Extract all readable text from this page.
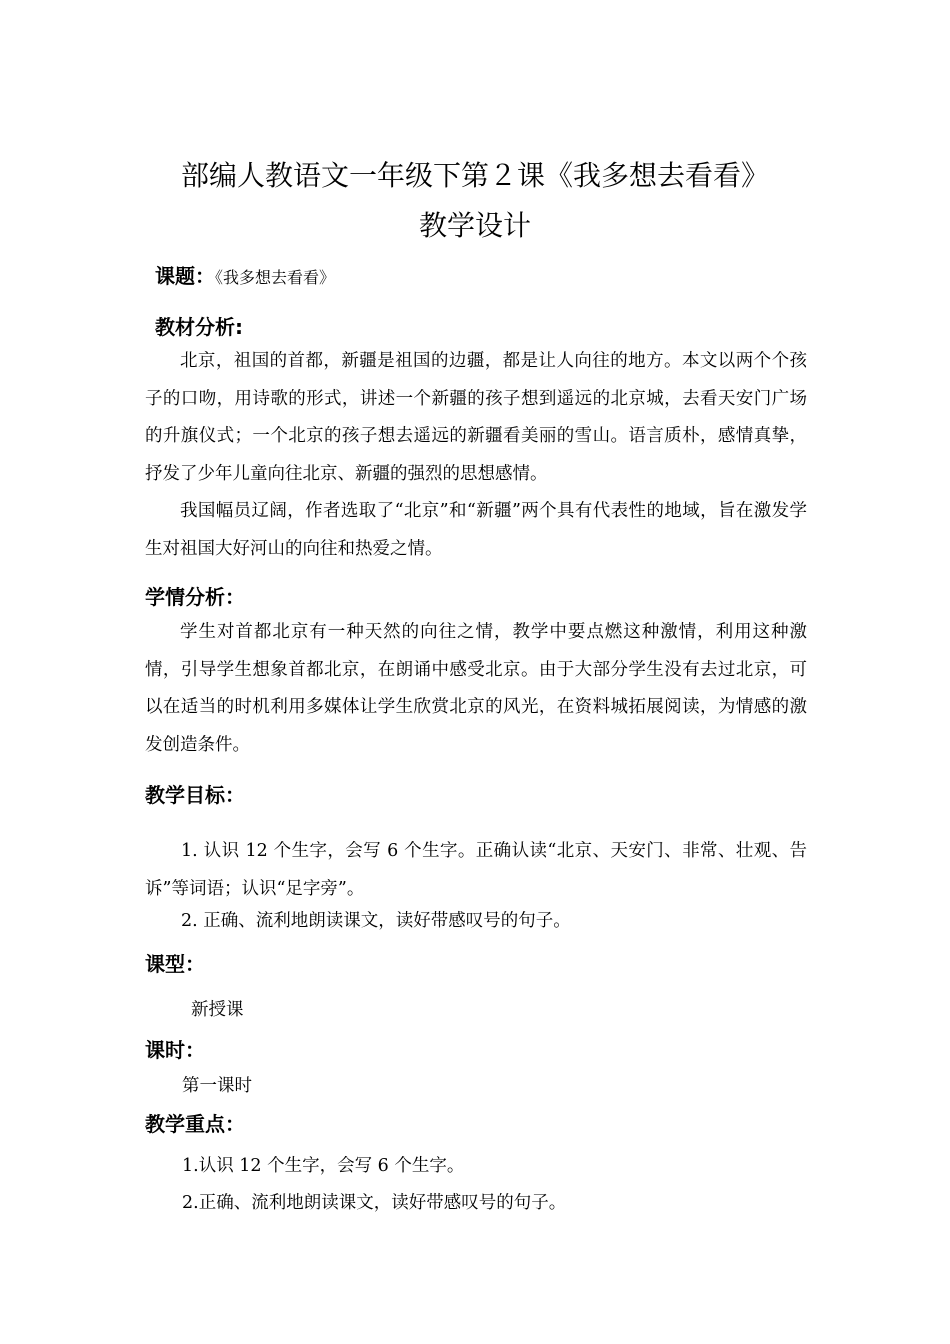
部编人教语文一年级下第２课《我多想去看看》
教学设计
课题：《我多想去看看》
教材分析:
北京，祖国的首都，新疆是祖国的边疆，都是让人向往的地方。本文以两个个孩子的口吻，用诗歌的形式，讲述一个新疆的孩子想到遥远的北京城，去看天安门广场的升旗仪式；一个北京的孩子想去遥远的新疆看美丽的雪山。语言质朴，感情真挚，抒发了少年儿童向往北京、新疆的强烈的思想感情。
我国幅员辽阔，作者选取了“北京”和“新疆”两个具有代表性的地域，旨在激发学生对祖国大好河山的向往和热爱之情。
学情分析：
学生对首都北京有一种天然的向往之情，教学中要点燃这种激情，利用这种激情，引导学生想象首都北京，在朗诵中感受北京。由于大部分学生没有去过北京，可以在适当的时机利用多媒体让学生欣赏北京的风光，在资料城拓展阅读，为情感的激发创造条件。
教学目标：
1. 认识 12 个生字，会写 6 个生字。正确认读“北京、天安门、非常、壮观、告诉”等词语；认识“足字旁”。
2. 正确、流利地朗读课文，读好带感叹号的句子。
课型：
新授课
课时：
第一课时
教学重点：
1.认识 12 个生字，会写 6 个生字。
2.正确、流利地朗读课文，读好带感叹号的句子。
